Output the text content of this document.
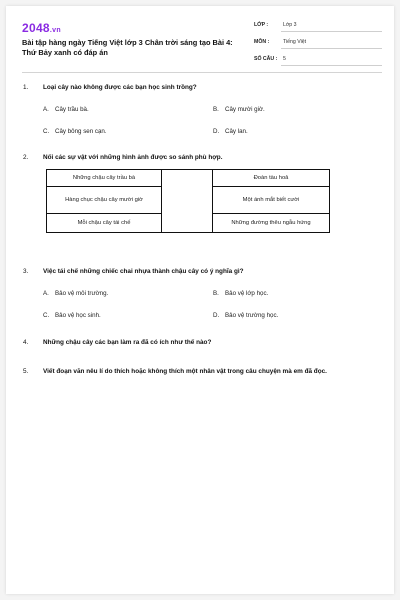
2048.vn
Bài tập hàng ngày Tiếng Việt lớp 3 Chân trời sáng tạo Bài 4: Thứ Bảy xanh có đáp án
LỚP :	Lớp 3
MÔN :	Tiếng Việt
SỐ CÂU :	5
1. Loại cây nào không được các bạn học sinh trồng?
A. Cây trầu bà.	B. Cây mười giờ.
C. Cây bông sen cạn.	D. Cây lan.
2. Nối các sự vật với những hình ảnh được so sánh phù hợp.
Những chậu cây trầu bà		Đoàn tàu hoả
Hàng chục chậu cây mười giờ		Một ánh mắt biết cười
Mỗi chậu cây tái chế		Những đường thêu ngẫu hứng
3. Việc tái chế những chiếc chai nhựa thành chậu cây có ý nghĩa gì?
A. Bảo vệ môi trường.	B. Bảo vệ lớp học.
C. Bảo vệ học sinh.	D. Bảo vệ trường học.
4. Những chậu cây các bạn làm ra đã có ích như thế nào?
5. Viết đoạn văn nêu lí do thích hoặc không thích một nhân vật trong câu chuyện mà em đã đọc.
